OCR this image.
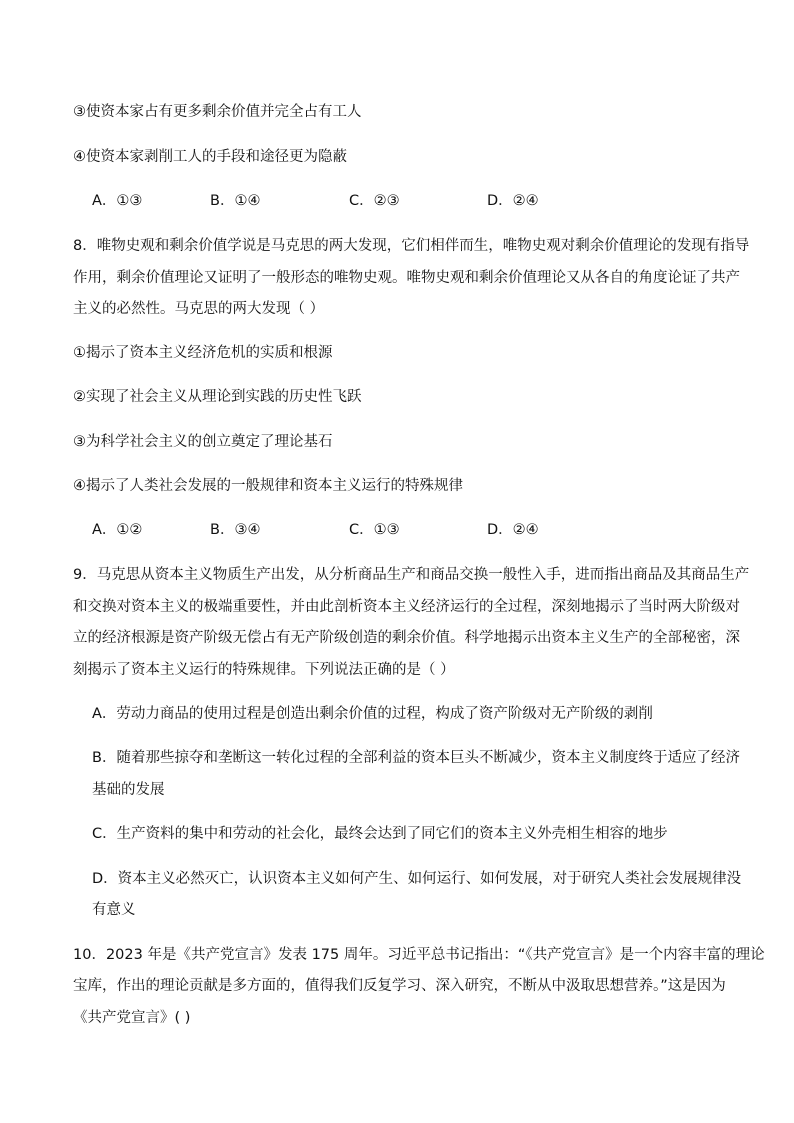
③使资本家占有更多剩余价值并完全占有工人
④使资本家剥削工人的手段和途径更为隐蔽
A．①③	B．①④	C．②③	D．②④
8．唯物史观和剩余价值学说是马克思的两大发现，它们相伴而生，唯物史观对剩余价值理论的发现有指导
作用，剩余价值理论又证明了一般形态的唯物史观。唯物史观和剩余价值理论又从各自的角度论证了共产
主义的必然性。马克思的两大发现（ ）
①揭示了资本主义经济危机的实质和根源
②实现了社会主义从理论到实践的历史性飞跃
③为科学社会主义的创立奠定了理论基石
④揭示了人类社会发展的一般规律和资本主义运行的特殊规律
A．①②	B．③④	C．①③	D．②④
9．马克思从资本主义物质生产出发，从分析商品生产和商品交换一般性入手，进而指出商品及其商品生产
和交换对资本主义的极端重要性，并由此剖析资本主义经济运行的全过程，深刻地揭示了当时两大阶级对
立的经济根源是资产阶级无偿占有无产阶级创造的剩余价值。科学地揭示出资本主义生产的全部秘密，深
刻揭示了资本主义运行的特殊规律。下列说法正确的是（ ）
A．劳动力商品的使用过程是创造出剩余价值的过程，构成了资产阶级对无产阶级的剥削
B．随着那些掠夺和垄断这一转化过程的全部利益的资本巨头不断减少，资本主义制度终于适应了经济
基础的发展
C．生产资料的集中和劳动的社会化，最终会达到了同它们的资本主义外壳相生相容的地步
D．资本主义必然灭亡，认识资本主义如何产生、如何运行、如何发展，对于研究人类社会发展规律没
有意义
10．2023 年是《共产党宣言》发表 175 周年。习近平总书记指出：“《共产党宣言》是一个内容丰富的理论
宝库，作出的理论贡献是多方面的，值得我们反复学习、深入研究，不断从中汲取思想营养。”这是因为
《共产党宣言》( )
